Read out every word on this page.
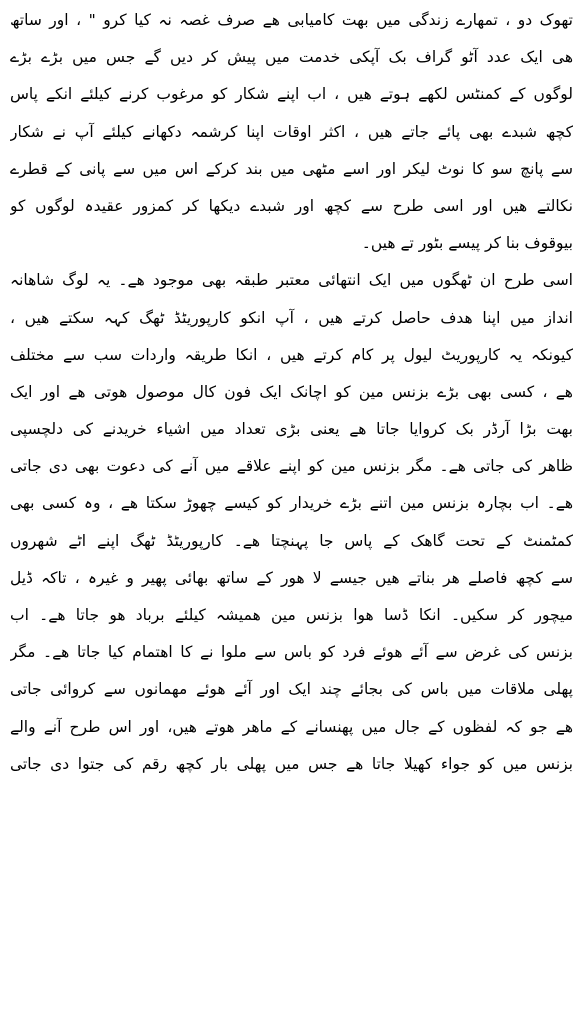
تھوک دو ، تمھارے زندگی میں بھت کامیابی ھے صرف غصہ نہ کیا کرو " ، اور ساتھ
ھی ایک عدد آٹو گراف بک آپکی خدمت میں پیش کر دیں گے جس میں بڑے بڑے
لوگوں کے کمنٹس لکھے ہوتے ھیں ، اب اپنے شکار کو مرغوب کرنے کیلئے انکے پاس
کچھ شبدے بھی پائے جاتے ھیں ، اکثر اوقات اپنا کرشمہ دکھانے کیلئے آپ نے شکار
سے پانچ سو کا نوٹ لیکر اور اسے مٹھی میں بند کرکے اس میں سے پانی کے قطرے
نکالتے ھیں اور اسی طرح سے کچھ اور شبدے دیکھا کر کمزور عقیدہ لوگوں کو
بیوقوف بنا کر پیسے بٹور تے ھیں۔
اسی طرح ان ٹھگوں میں ایک انتھائی معتبر طبقہ بھی موجود ھے۔ یہ لوگ شاھانہ
انداز میں اپنا ھدف حاصل کرتے ھیں ، آپ انکو کارپوریٹڈ ٹھگ کہہ سکتے ھیں ،
کیونکہ یہ کارپوریٹ لیول پر کام کرتے ھیں ، انکا طریقہ واردات سب سے مختلف
ھے ، کسی بھی بڑے بزنس مین کو اچانک ایک فون کال موصول ھوتی ھے اور ایک
بھت بڑا آرڈر بک کروایا جاتا ھے یعنی بڑی تعداد میں اشیاء خریدنے کی دلچسپی
ظاھر کی جاتی ھے۔ مگر بزنس مین کو اپنے علاقے میں آنے کی دعوت بھی دی جاتی
ھے۔ اب بچارہ بزنس مین اتنے بڑے خریدار کو کیسے چھوڑ سکتا ھے ، وہ کسی بھی
کمٹمنٹ کے تحت گاھک کے پاس جا پہنچتا ھے۔ کارپوریٹڈ ٹھگ اپنے اٹے شھروں
سے کچھ فاصلے ھر بناتے ھیں جیسے لا ھور کے ساتھ بھائی پھیر و غیرہ ، تاکہ ڈیل
میچور کر سکیں۔ انکا ڈسا ھوا بزنس مین ھمیشہ کیلئے برباد ھو جاتا ھے۔ اب
بزنس کی غرض سے آئے ھوئے فرد کو باس سے ملوا نے کا اھتمام کیا جاتا ھے۔ مگر
پھلی ملاقات میں باس کی بجائے چند ایک اور آئے ھوئے مھمانوں سے کروائی جاتی
ھے جو کہ لفظوں کے جال میں پھنسانے کے ماھر ھوتے ھیں، اور اس طرح آنے والے
بزنس میں کو جواء کھیلا جاتا ھے جس میں پھلی بار کچھ رقم کی جتوا دی جاتی
